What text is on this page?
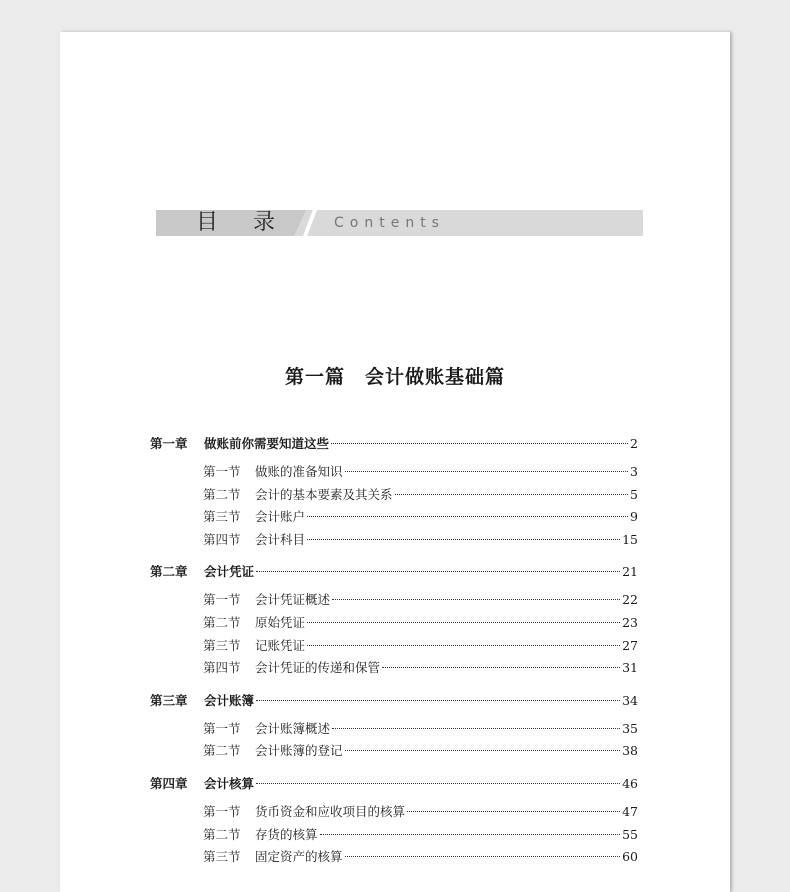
目 录	Contents
第一篇　会计做账基础篇
第一章	做账前你需要知道这些	2
第一节	做账的准备知识	3
第二节	会计的基本要素及其关系	5
第三节	会计账户	9
第四节	会计科目	15
第二章	会计凭证	21
第一节	会计凭证概述	22
第二节	原始凭证	23
第三节	记账凭证	27
第四节	会计凭证的传递和保管	31
第三章	会计账簿	34
第一节	会计账簿概述	35
第二节	会计账簿的登记	38
第四章	会计核算	46
第一节	货币资金和应收项目的核算	47
第二节	存货的核算	55
第三节	固定资产的核算	60
